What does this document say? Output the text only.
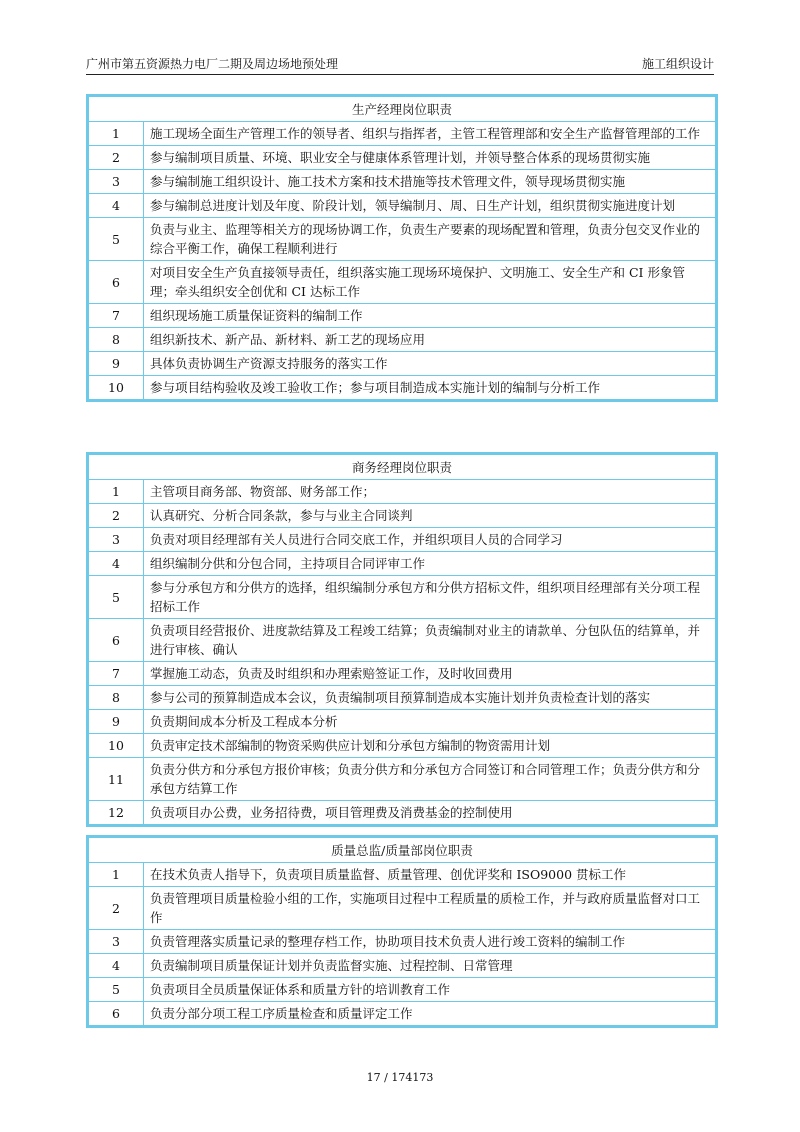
广州市第五资源热力电厂二期及周边场地预处理	施工组织设计
生产经理岗位职责	
1	施工现场全面生产管理工作的领导者、组织与指挥者，主管工程管理部和安全生产监督管理部的工作
2	参与编制项目质量、环境、职业安全与健康体系管理计划，并领导整合体系的现场贯彻实施
3	参与编制施工组织设计、施工技术方案和技术措施等技术管理文件，领导现场贯彻实施
4	参与编制总进度计划及年度、阶段计划，领导编制月、周、日生产计划，组织贯彻实施进度计划
5	负责与业主、监理等相关方的现场协调工作，负责生产要素的现场配置和管理，负责分包交叉作业的综合平衡工作，确保工程顺利进行
6	对项目安全生产负直接领导责任，组织落实施工现场环境保护、文明施工、安全生产和 CI 形象管理；牵头组织安全创优和 CI 达标工作
7	组织现场施工质量保证资料的编制工作
8	组织新技术、新产品、新材料、新工艺的现场应用
9	具体负责协调生产资源支持服务的落实工作
10	参与项目结构验收及竣工验收工作；参与项目制造成本实施计划的编制与分析工作
商务经理岗位职责	
1	主管项目商务部、物资部、财务部工作；
2	认真研究、分析合同条款，参与与业主合同谈判
3	负责对项目经理部有关人员进行合同交底工作，并组织项目人员的合同学习
4	组织编制分供和分包合同，主持项目合同评审工作
5	参与分承包方和分供方的选择，组织编制分承包方和分供方招标文件，组织项目经理部有关分项工程招标工作
6	负责项目经营报价、进度款结算及工程竣工结算；负责编制对业主的请款单、分包队伍的结算单，并进行审核、确认
7	掌握施工动态，负责及时组织和办理索赔签证工作，及时收回费用
8	参与公司的预算制造成本会议，负责编制项目预算制造成本实施计划并负责检查计划的落实
9	负责期间成本分析及工程成本分析
10	负责审定技术部编制的物资采购供应计划和分承包方编制的物资需用计划
11	负责分供方和分承包方报价审核；负责分供方和分承包方合同签订和合同管理工作；负责分供方和分承包方结算工作
12	负责项目办公费，业务招待费，项目管理费及消费基金的控制使用
质量总监/质量部岗位职责	
1	在技术负责人指导下，负责项目质量监督、质量管理、创优评奖和 ISO9000 贯标工作
2	负责管理项目质量检验小组的工作，实施项目过程中工程质量的质检工作，并与政府质量监督对口工作
3	负责管理落实质量记录的整理存档工作，协助项目技术负责人进行竣工资料的编制工作
4	负责编制项目质量保证计划并负责监督实施、过程控制、日常管理
5	负责项目全员质量保证体系和质量方针的培训教育工作
6	负责分部分项工程工序质量检查和质量评定工作
17 / 174173
